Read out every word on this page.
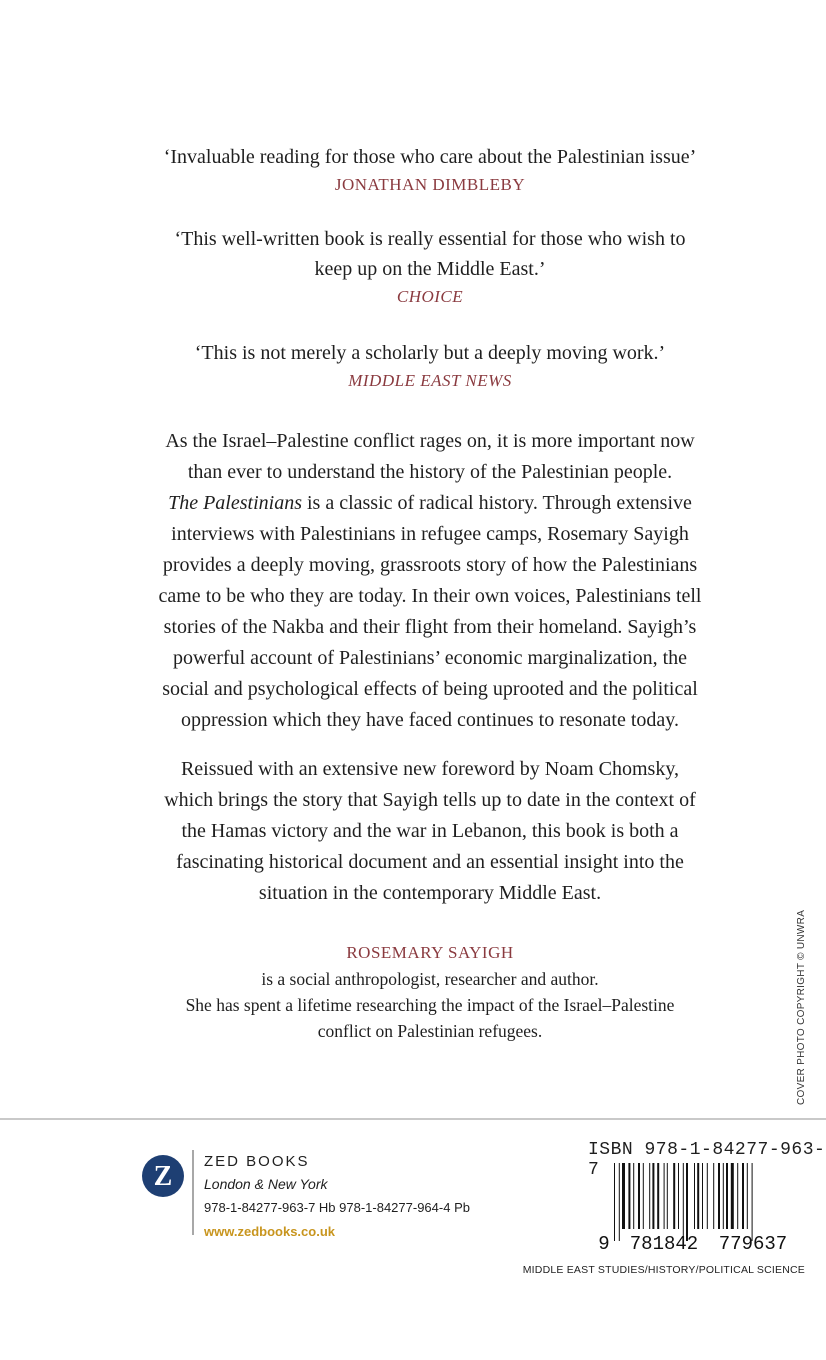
‘Invaluable reading for those who care about the Palestinian issue’

JONATHAN DIMBLEBY

‘This well-written book is really essential for those who wish to

keep up on the Middle East.’

CHOICE

‘This is not merely a scholarly but a deeply moving work.’

MIDDLE EAST NEWS

As the Israel–Palestine conflict rages on, it is more important now
than ever to understand the history of the Palestinian people.
The Palestinians is a classic of radical history. Through extensive
interviews with Palestinians in refugee camps, Rosemary Sayigh
provides a deeply moving, grassroots story of how the Palestinians
came to be who they are today. In their own voices, Palestinians tell
stories of the Nakba and their flight from their homeland. Sayigh’s
powerful account of Palestinians’ economic marginalization, the
social and psychological effects of being uprooted and the political
oppression which they have faced continues to resonate today.
Reissued with an extensive new foreword by Noam Chomsky,
which brings the story that Sayigh tells up to date in the context of
the Hamas victory and the war in Lebanon, this book is both a
fascinating historical document and an essential insight into the
situation in the contemporary Middle East.

ROSEMARY SAYIGH

is a social anthropologist, researcher and author.

She has spent a lifetime researching the impact of the Israel–Palestine

conflict on Palestinian refugees.	COVER PHOTO COPYRIGHT © UNWRA
Z ZED BOOKS
London & New York
978-1-84277-963-7 Hb 978-1-84277-964-4 Pb
www.zedbooks.co.uk
ISBN 978-1-84277-963-7
9 781842 779637
MIDDLE EAST STUDIES/HISTORY/POLITICAL SCIENCE
